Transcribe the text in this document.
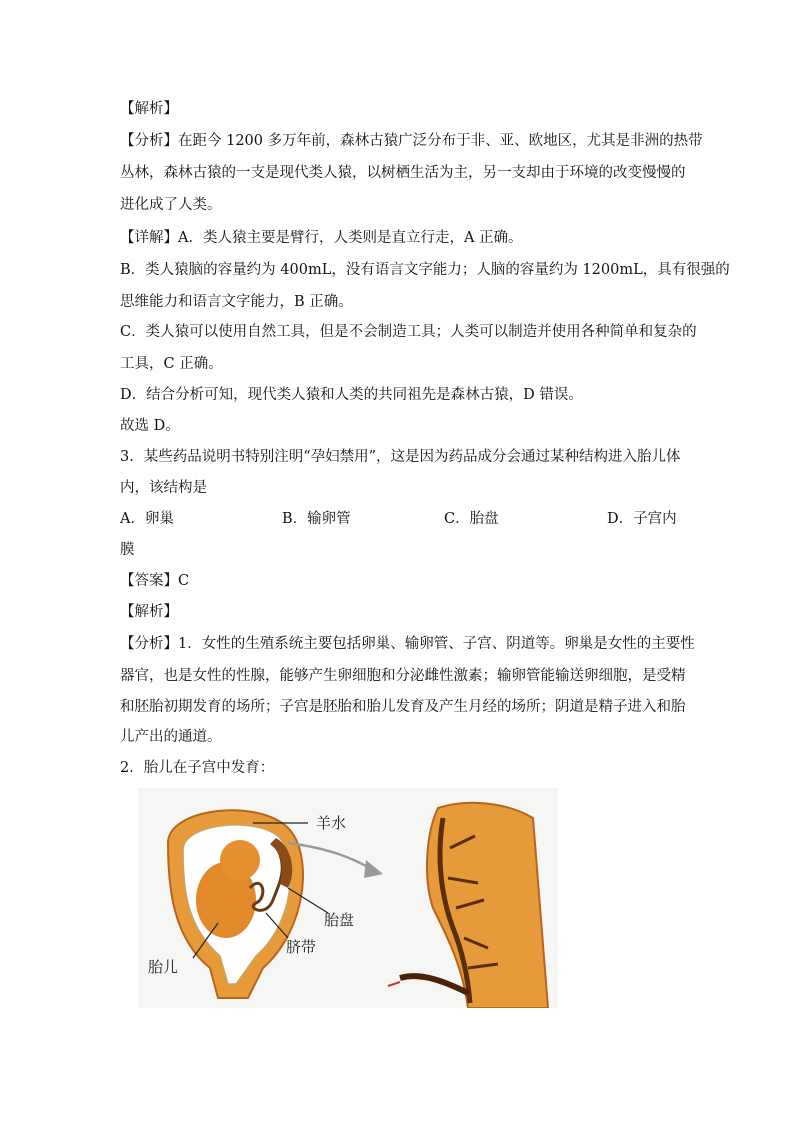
【解析】
【分析】在距今 1200 多万年前，森林古猿广泛分布于非、亚、欧地区，尤其是非洲的热带
丛林，森林古猿的一支是现代类人猿，以树栖生活为主，另一支却由于环境的改变慢慢的
进化成了人类。
【详解】A．类人猿主要是臂行，人类则是直立行走，A 正确。
B．类人猿脑的容量约为 400mL，没有语言文字能力；人脑的容量约为 1200mL，具有很强的
思维能力和语言文字能力，B 正确。
C．类人猿可以使用自然工具，但是不会制造工具；人类可以制造并使用各种简单和复杂的
工具，C 正确。
D．结合分析可知，现代类人猿和人类的共同祖先是森林古猿，D 错误。
故选 D。
3．某些药品说明书特别注明“孕妇禁用”，这是因为药品成分会通过某种结构进入胎儿体
内，该结构是
A．卵巢	B．输卵管	C．胎盘	D．子宫内
膜
【答案】C
【解析】
【分析】1．女性的生殖系统主要包括卵巢、输卵管、子宫、阴道等。卵巢是女性的主要性
器官，也是女性的性腺，能够产生卵细胞和分泌雌性激素；输卵管能输送卵细胞，是受精
和胚胎初期发育的场所；子宫是胚胎和胎儿发育及产生月经的场所；阴道是精子进入和胎
儿产出的通道。
2．胎儿在子宫中发育：
羊水
胎盘
脐带
胎儿
